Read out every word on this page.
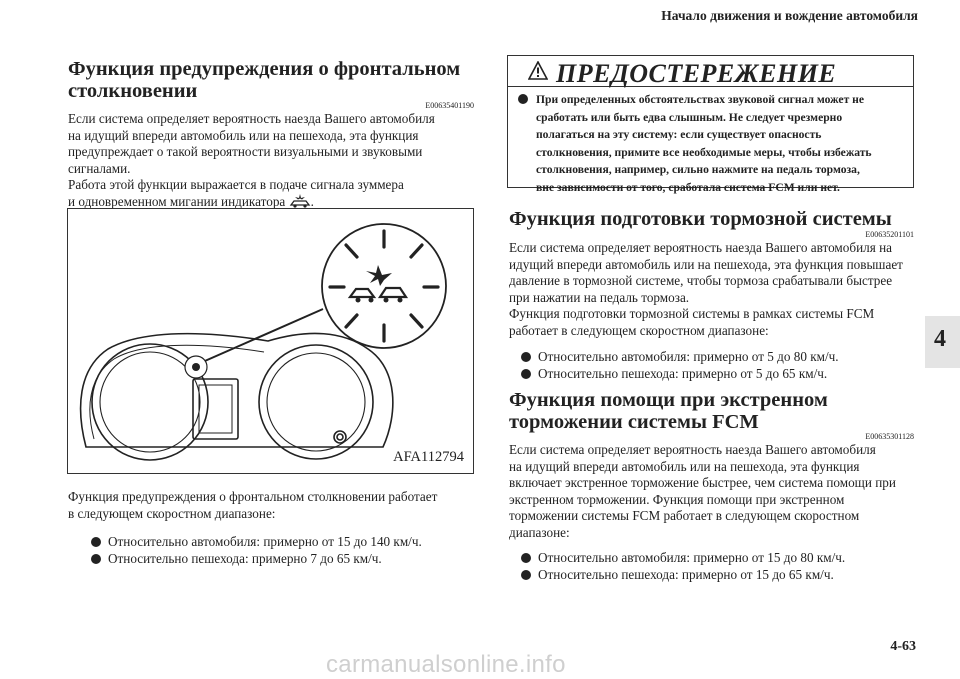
Начало движения и вождение автомобиля
4
Функция предупреждения о фронтальном
столкновении
E00635401190
Если система определяет вероятность наезда Вашего автомобиля
на идущий впереди автомобиль или на пешехода, эта функция
предупреждает о такой вероятности визуальными и звуковыми
сигналами.
Работа этой функции выражается в подаче сигнала зуммера
и одновременном мигании индикатора .
AFA112794
Функция предупреждения о фронтальном столкновении работает
в следующем скоростном диапазоне:
Относительно автомобиля: примерно от 15 до 140 км/ч.
Относительно пешехода: примерно 7 до 65 км/ч.
ПРЕДОСТЕРЕЖЕНИЕ
При определенных обстоятельствах звуковой сигнал может не
сработать или быть едва слышным. Не следует чрезмерно
полагаться на эту систему: если существует опасность
столкновения, примите все необходимые меры, чтобы избежать
столкновения, например, сильно нажмите на педаль тормоза,
вне зависимости от того, сработала система FCM или нет.
Функция подготовки тормозной системы
E00635201101
Если система определяет вероятность наезда Вашего автомобиля на
идущий впереди автомобиль или на пешехода, эта функция повышает
давление в тормозной системе, чтобы тормоза срабатывали быстрее
при нажатии на педаль тормоза.
Функция подготовки тормозной системы в рамках системы FCM
работает в следующем скоростном диапазоне:
Относительно автомобиля: примерно от 5 до 80 км/ч.
Относительно пешехода: примерно от 5 до 65 км/ч.
Функция помощи при экстренном
торможении системы FCM
E00635301128
Если система определяет вероятность наезда Вашего автомобиля
на идущий впереди автомобиль или на пешехода, эта функция
включает экстренное торможение быстрее, чем система помощи при
экстренном торможении. Функция помощи при экстренном
торможении системы FCM работает в следующем скоростном
диапазоне:
Относительно автомобиля: примерно от 15 до 80 км/ч.
Относительно пешехода: примерно от 15 до 65 км/ч.
4-63
carmanualsonline.info
